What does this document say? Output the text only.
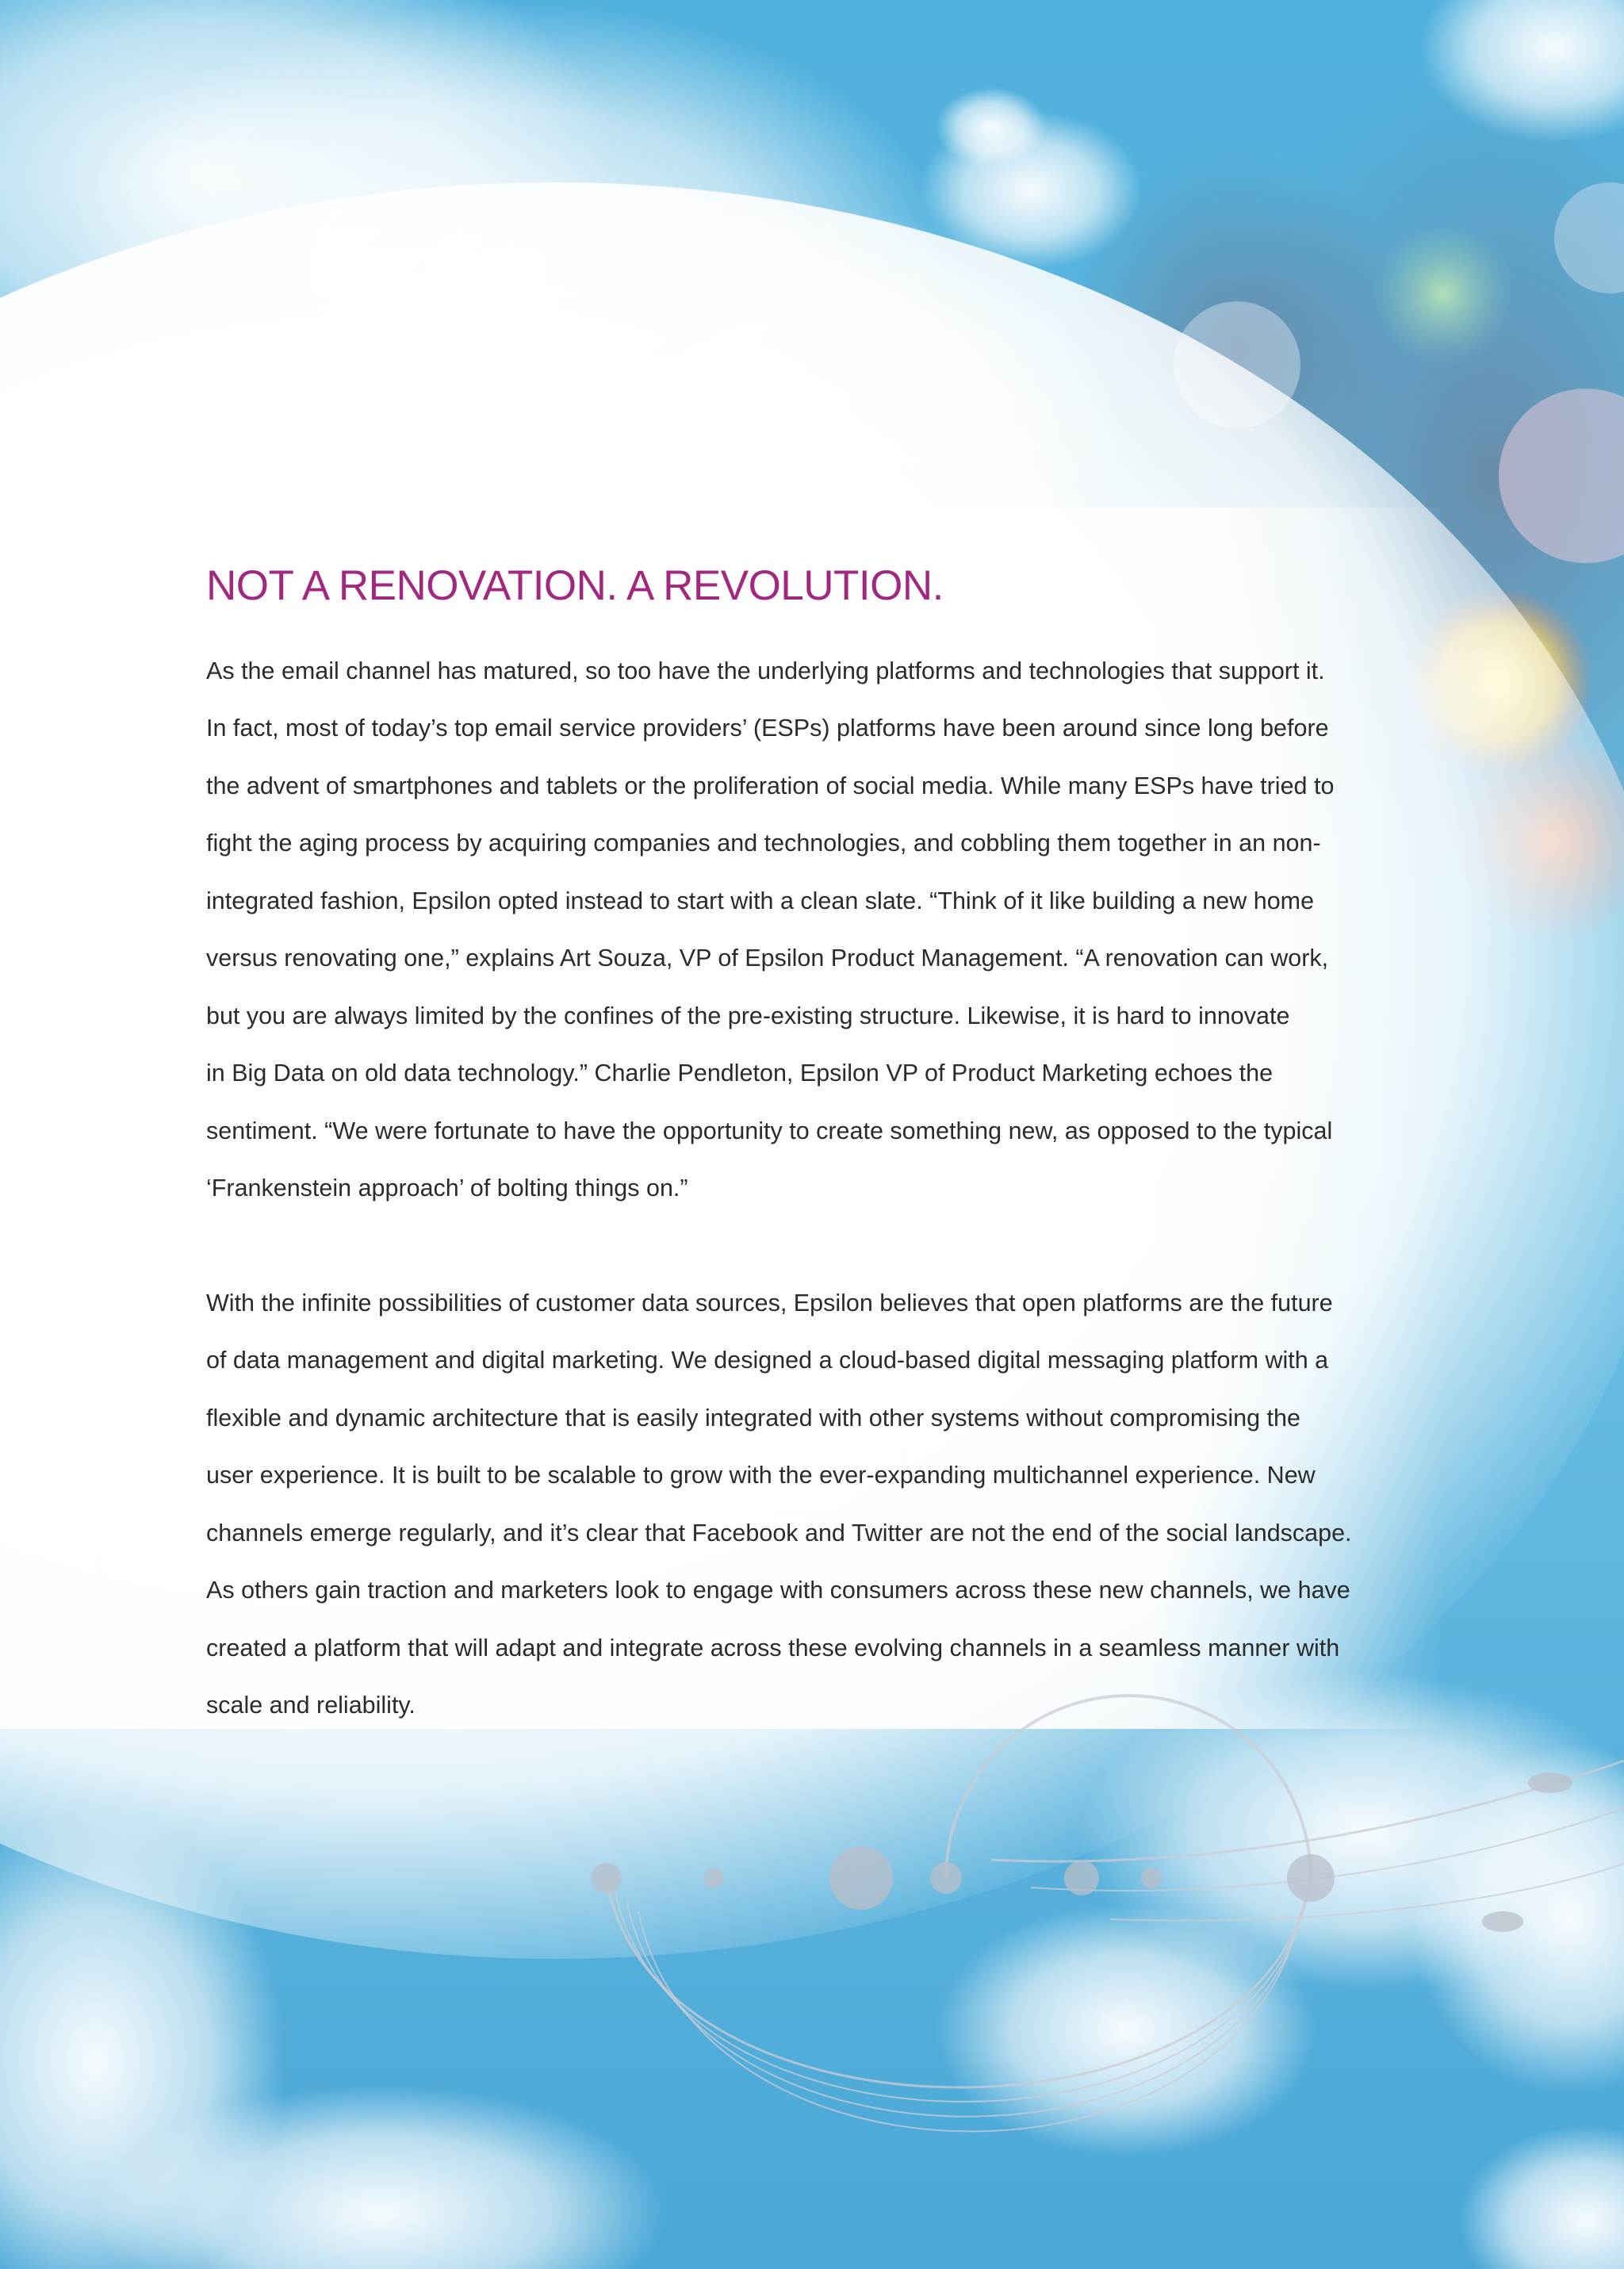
NOT A RENOVATION. A REVOLUTION.

As the email channel has matured, so too have the underlying platforms and technologies that support it.
In fact, most of today’s top email service providers’ (ESPs) platforms have been around since long before
the advent of smartphones and tablets or the proliferation of social media. While many ESPs have tried to
fight the aging process by acquiring companies and technologies, and cobbling them together in an non-
integrated fashion, Epsilon opted instead to start with a clean slate. “Think of it like building a new home
versus renovating one,” explains Art Souza, VP of Epsilon Product Management. “A renovation can work,
but you are always limited by the confines of the pre-existing structure. Likewise, it is hard to innovate
in Big Data on old data technology.” Charlie Pendleton, Epsilon VP of Product Marketing echoes the
sentiment. “We were fortunate to have the opportunity to create something new, as opposed to the typical
‘Frankenstein approach’ of bolting things on.”

With the infinite possibilities of customer data sources, Epsilon believes that open platforms are the future
of data management and digital marketing. We designed a cloud-based digital messaging platform with a
flexible and dynamic architecture that is easily integrated with other systems without compromising the
user experience. It is built to be scalable to grow with the ever-expanding multichannel experience. New
channels emerge regularly, and it’s clear that Facebook and Twitter are not the end of the social landscape.
As others gain traction and marketers look to engage with consumers across these new channels, we have
created a platform that will adapt and integrate across these evolving channels in a seamless manner with
scale and reliability.
